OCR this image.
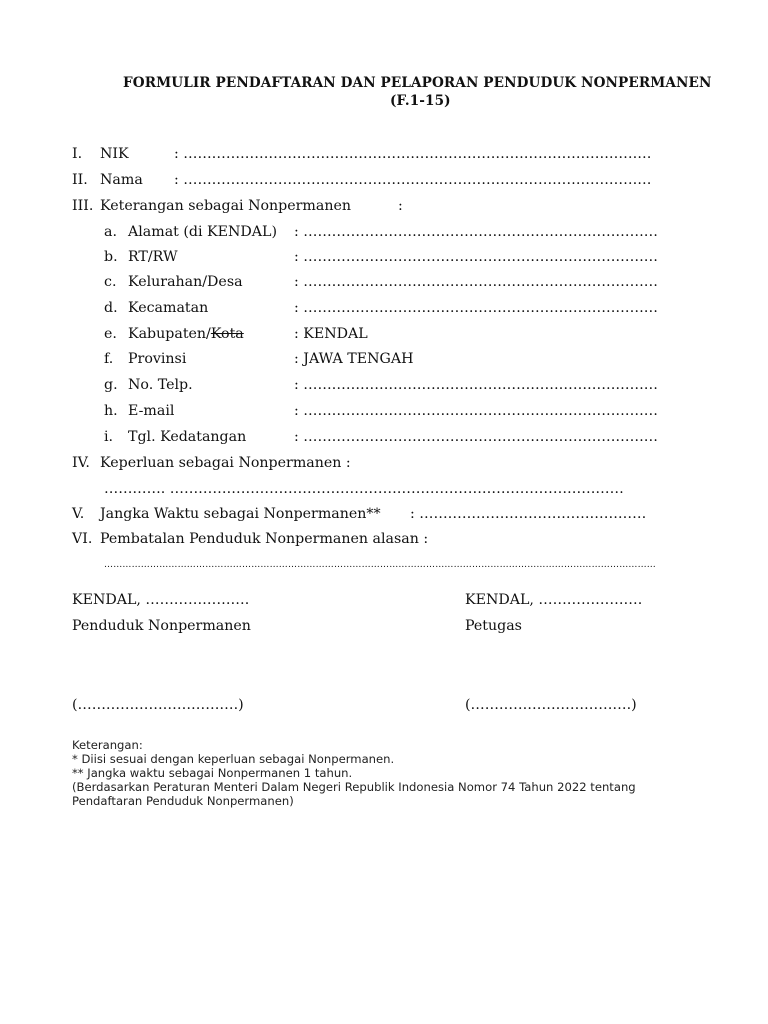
FORMULIR PENDAFTARAN DAN PELAPORAN PENDUDUK NONPERMANEN
(F.1-15)
I. NIK	: ………………………………………………………………………………………
II. Nama : ………………………………………………………………………………………
III. Keterangan sebagai Nonpermanen	:
a. Alamat (di KENDAL) : …………………………………………………………………
b. RT/RW	: …………………………………………………………………
c. Kelurahan/Desa	: …………………………………………………………………
d. Kecamatan	: …………………………………………………………………
e. Kabupaten/Kota	: KENDAL
f. Provinsi	: JAWA TENGAH
g. No. Telp.	: …………………………………………………………………
h. E-mail	: …………………………………………………………………
i. Tgl. Kedatangan	: …………………………………………………………………
IV. Keperluan sebagai Nonpermanen :
…………. ……………………………………………………………………………………
V. Jangka Waktu sebagai Nonpermanen** : …………………………………………
VI. Pembatalan Penduduk Nonpermanen alasan :
………………………………………………………………………………………………………………………………………………………………
KENDAL, ………………….
Penduduk Nonpermanen
(…………………………….)
KENDAL, ………………….
Petugas
(…………………………….)
Keterangan:
* Diisi sesuai dengan keperluan sebagai Nonpermanen.
** Jangka waktu sebagai Nonpermanen 1 tahun.
(Berdasarkan Peraturan Menteri Dalam Negeri Republik Indonesia Nomor 74 Tahun 2022 tentang
Pendaftaran Penduduk Nonpermanen)
